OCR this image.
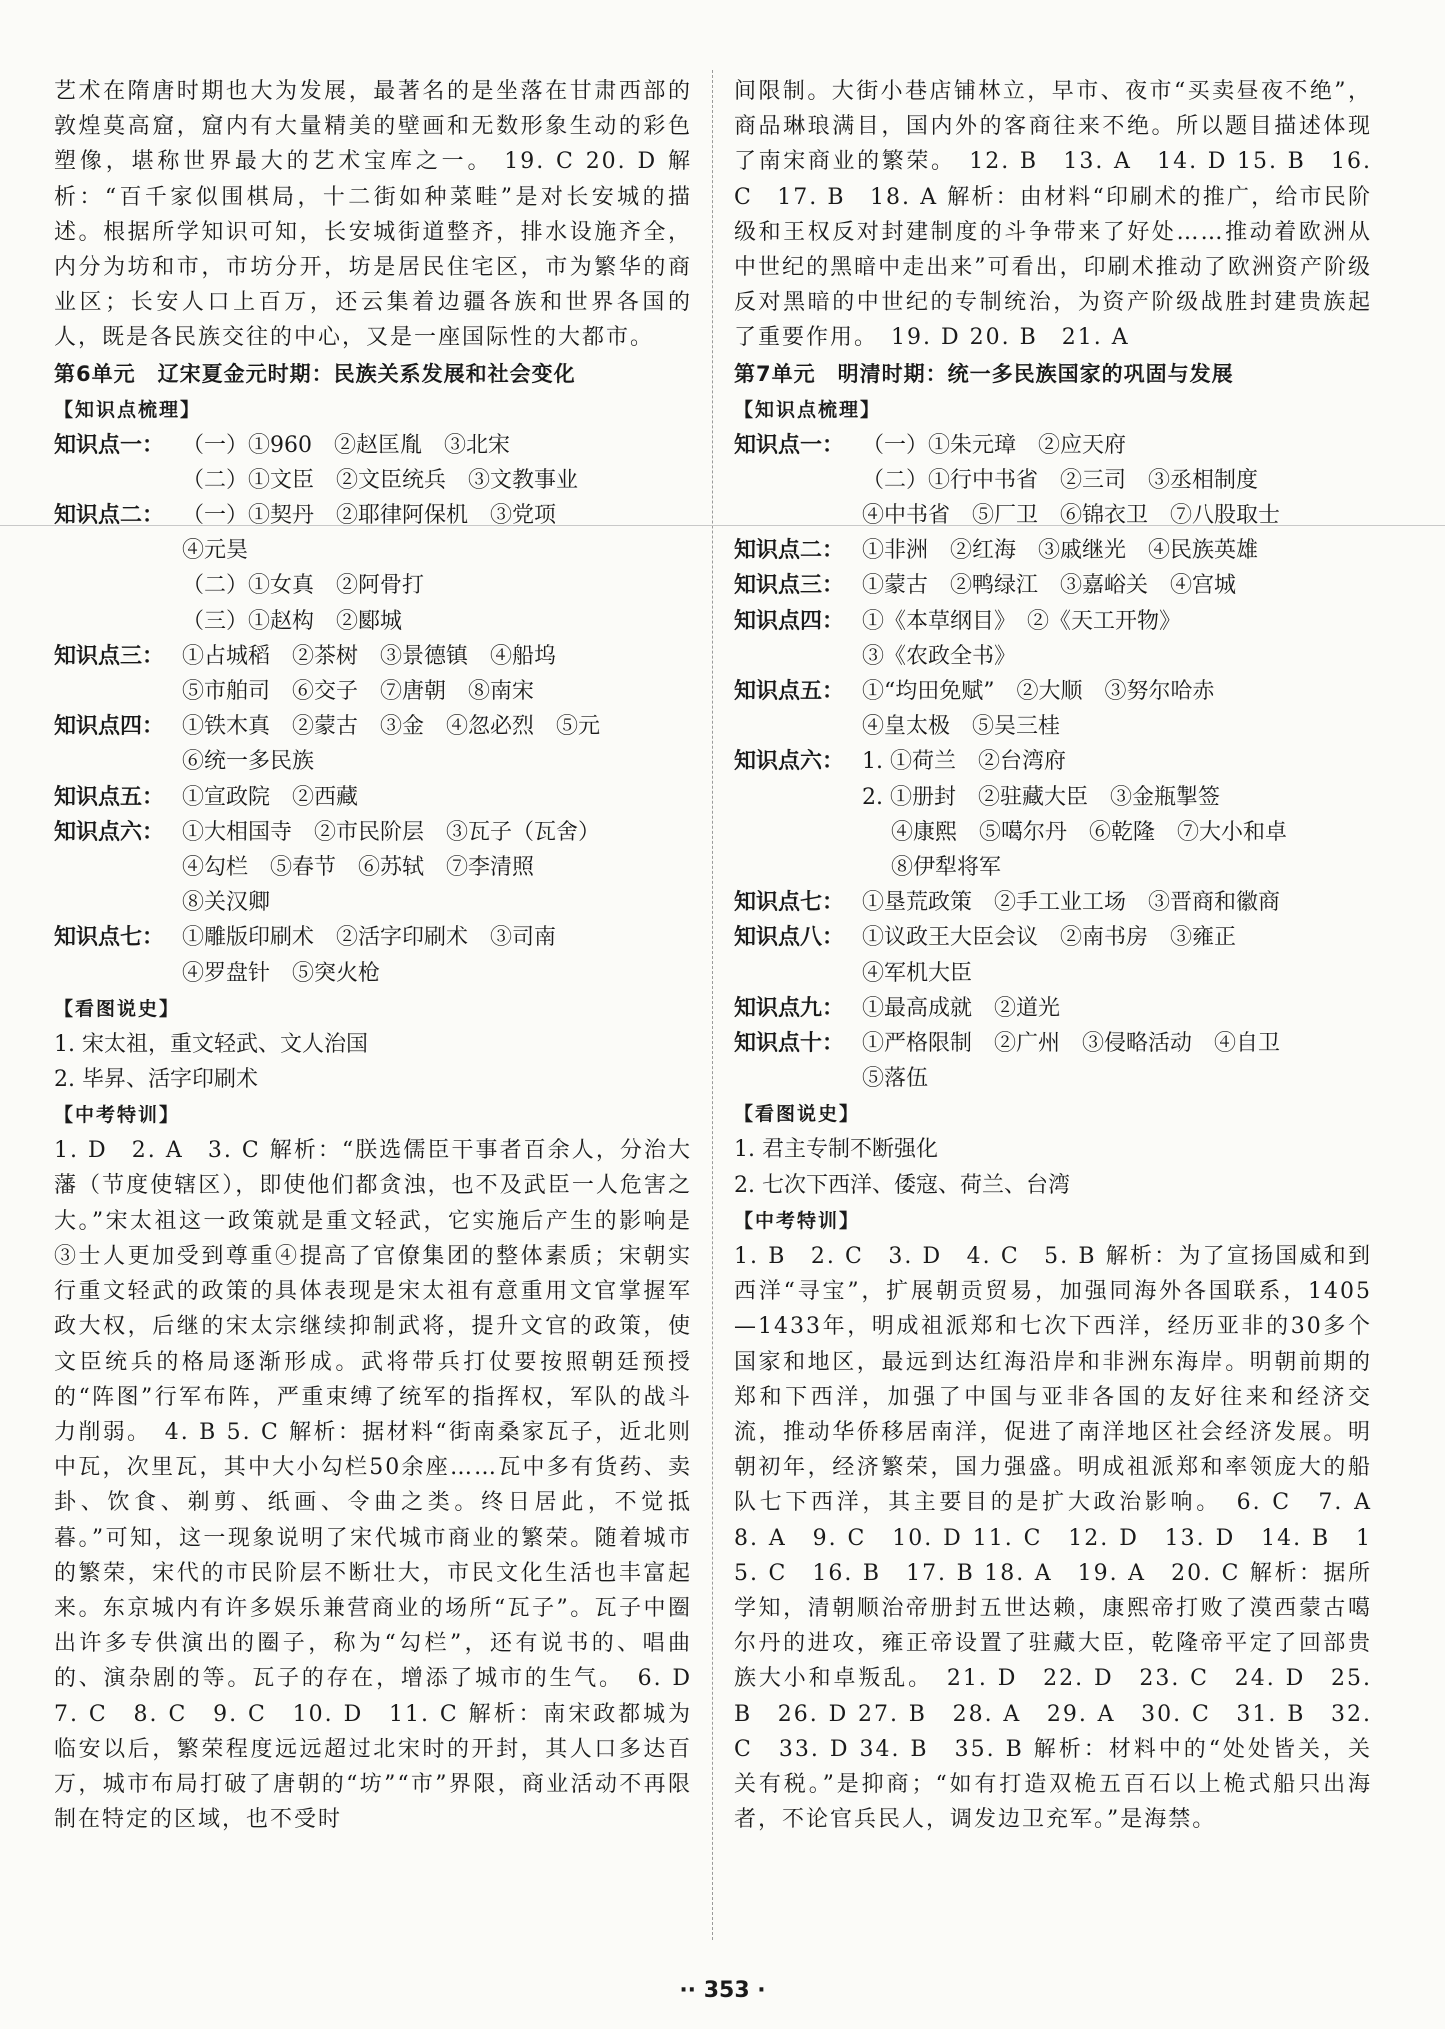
艺术在隋唐时期也大为发展，最著名的是坐落在甘肃西部的敦煌莫高窟，窟内有大量精美的壁画和无数形象生动的彩色塑像，堪称世界最大的艺术宝库之一。 19. C 20. D 解析：“百千家似围棋局，十二街如种菜畦”是对长安城的描述。根据所学知识可知，长安城街道整齐，排水设施齐全，内分为坊和市，市坊分开，坊是居民住宅区，市为繁华的商业区；长安人口上百万，还云集着边疆各族和世界各国的人，既是各民族交往的中心，又是一座国际性的大都市。

第6单元　辽宋夏金元时期：民族关系发展和社会变化

【知识点梳理】

知识点一： （一）①960　②赵匡胤　③北宋
（二）①文臣　②文臣统兵　③文教事业
知识点二： （一）①契丹　②耶律阿保机　③党项
④元昊
（二）①女真　②阿骨打
（三）①赵构　②郾城
知识点三： ①占城稻　②茶树　③景德镇　④船坞
⑤市舶司　⑥交子　⑦唐朝　⑧南宋
知识点四： ①铁木真　②蒙古　③金　④忽必烈　⑤元
⑥统一多民族
知识点五： ①宣政院　②西藏
知识点六： ①大相国寺　②市民阶层　③瓦子（瓦舍）
④勾栏　⑤春节　⑥苏轼　⑦李清照
⑧关汉卿
知识点七： ①雕版印刷术　②活字印刷术　③司南
④罗盘针　⑤突火枪

【看图说史】

1. 宋太祖，重文轻武、文人治国

2. 毕昇、活字印刷术

【中考特训】

1. D　2. A　3. C 解析：“朕选儒臣干事者百余人，分治大藩（节度使辖区），即使他们都贪浊，也不及武臣一人危害之大。”宋太祖这一政策就是重文轻武，它实施后产生的影响是③士人更加受到尊重④提高了官僚集团的整体素质；宋朝实行重文轻武的政策的具体表现是宋太祖有意重用文官掌握军政大权，后继的宋太宗继续抑制武将，提升文官的政策，使文臣统兵的格局逐渐形成。武将带兵打仗要按照朝廷预授的“阵图”行军布阵，严重束缚了统军的指挥权，军队的战斗力削弱。　4. B 5. C 解析：据材料“街南桑家瓦子，近北则中瓦，次里瓦，其中大小勾栏50余座……瓦中多有货药、卖卦、饮食、剃剪、纸画、令曲之类。终日居此，不觉抵暮。”可知，这一现象说明了宋代城市商业的繁荣。随着城市的繁荣，宋代的市民阶层不断壮大，市民文化生活也丰富起来。东京城内有许多娱乐兼营商业的场所“瓦子”。瓦子中圈出许多专供演出的圈子，称为“勾栏”，还有说书的、唱曲的、演杂剧的等。瓦子的存在，增添了城市的生气。　6. D　7. C　8. C　9. C　10. D　11. C 解析：南宋政都城为临安以后，繁荣程度远远超过北宋时的开封，其人口多达百万，城市布局打破了唐朝的“坊”“市”界限，商业活动不再限制在特定的区域，也不受时

间限制。大街小巷店铺林立，早市、夜市“买卖昼夜不绝”，商品琳琅满目，国内外的客商往来不绝。所以题目描述体现了南宋商业的繁荣。　12. B　13. A　14. D 15. B　16. C　17. B　18. A 解析：由材料“印刷术的推广，给市民阶级和王权反对封建制度的斗争带来了好处……推动着欧洲从中世纪的黑暗中走出来”可看出，印刷术推动了欧洲资产阶级反对黑暗的中世纪的专制统治，为资产阶级战胜封建贵族起了重要作用。　19. D 20. B　21. A

第7单元　明清时期：统一多民族国家的巩固与发展

【知识点梳理】

知识点一： （一）①朱元璋　②应天府
（二）①行中书省　②三司　③丞相制度
④中书省　⑤厂卫　⑥锦衣卫　⑦八股取士
知识点二： ①非洲　②红海　③戚继光　④民族英雄
知识点三： ①蒙古　②鸭绿江　③嘉峪关　④宫城
知识点四： ①《本草纲目》　②《天工开物》
③《农政全书》
知识点五： ①“均田免赋”　②大顺　③努尔哈赤
④皇太极　⑤吴三桂
知识点六： 1. ①荷兰　②台湾府
2. ①册封　②驻藏大臣　③金瓶掣签
　 ④康熙　⑤噶尔丹　⑥乾隆　⑦大小和卓
　 ⑧伊犁将军
知识点七： ①垦荒政策　②手工业工场　③晋商和徽商
知识点八： ①议政王大臣会议　②南书房　③雍正
④军机大臣
知识点九： ①最高成就　②道光
知识点十： ①严格限制　②广州　③侵略活动　④自卫
⑤落伍

【看图说史】

1. 君主专制不断强化

2. 七次下西洋、倭寇、荷兰、台湾

【中考特训】

1. B　2. C　3. D　4. C　5. B 解析：为了宣扬国威和到西洋“寻宝”，扩展朝贡贸易，加强同海外各国联系，1405—1433年，明成祖派郑和七次下西洋，经历亚非的30多个国家和地区，最远到达红海沿岸和非洲东海岸。明朝前期的郑和下西洋，加强了中国与亚非各国的友好往来和经济交流，推动华侨移居南洋，促进了南洋地区社会经济发展。明朝初年，经济繁荣，国力强盛。明成祖派郑和率领庞大的船队七下西洋，其主要目的是扩大政治影响。　6. C　7. A　8. A　9. C　10. D 11. C　12. D　13. D　14. B　15. C　16. B　17. B 18. A　19. A　20. C 解析：据所学知，清朝顺治帝册封五世达赖，康熙帝打败了漠西蒙古噶尔丹的进攻，雍正帝设置了驻藏大臣，乾隆帝平定了回部贵族大小和卓叛乱。　21. D　22. D　23. C　24. D　25. B　26. D 27. B　28. A　29. A　30. C　31. B　32. C　33. D 34. B　35. B 解析：材料中的“处处皆关，关关有税。”是抑商；“如有打造双桅五百石以上桅式船只出海者，不论官兵民人，调发边卫充军。”是海禁。

·· 353 ·
